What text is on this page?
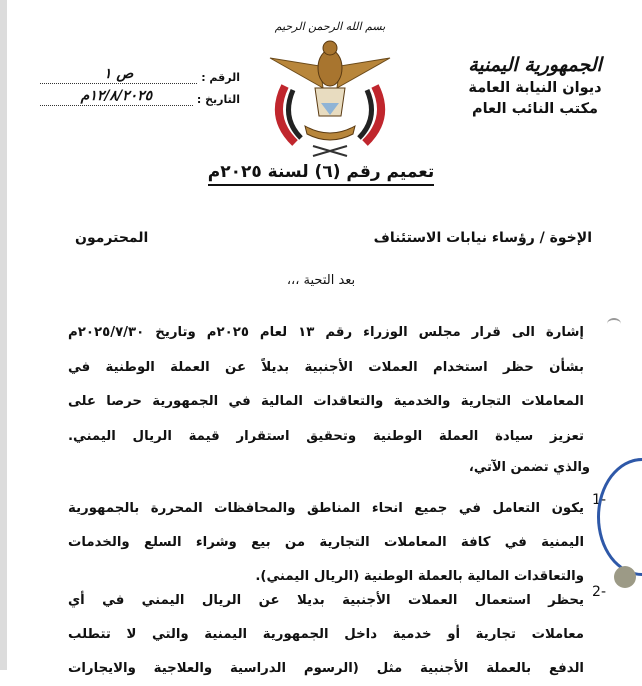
الجمهورية اليمنية
ديوان النيابة العامة
مكتب النائب العام
بسم الله الرحمن الرحيم
الرقم :
ص ١
التاريخ :
١٢/٨/٢٠٢٥م
تعميم رقم (٦) لسنة ٢٠٢٥م
الإخوة / رؤساء نيابات الاستئناف
المحترمون
بعد التحية ،،،

إشارة الى قرار مجلس الوزراء رقم ١٣ لعام ٢٠٢٥م وتاريخ ٢٠٢٥/٧/٣٠م

بشأن حظر استخدام العملات الأجنبية بديلاً عن العملة الوطنية في

المعاملات التجارية والخدمية والتعاقدات المالية في الجمهورية حرصا على

تعزيز سيادة العملة الوطنية وتحقيق استقرار قيمة الريال اليمني.

والذي تضمن الآتي،
1-
يكون التعامل في جميع انحاء المناطق والمحافظات المحررة بالجمهورية
اليمنية في كافة المعاملات التجارية من بيع وشراء السلع والخدمات
والتعاقدات المالية بالعملة الوطنية (الريال اليمني).
2-
يحظر استعمال العملات الأجنبية بديلا عن الريال اليمني في أي
معاملات تجارية أو خدمية داخل الجمهورية اليمنية والتي لا تتطلب
الدفع بالعملة الأجنبية مثل (الرسوم الدراسية والعلاجية والايجارات
